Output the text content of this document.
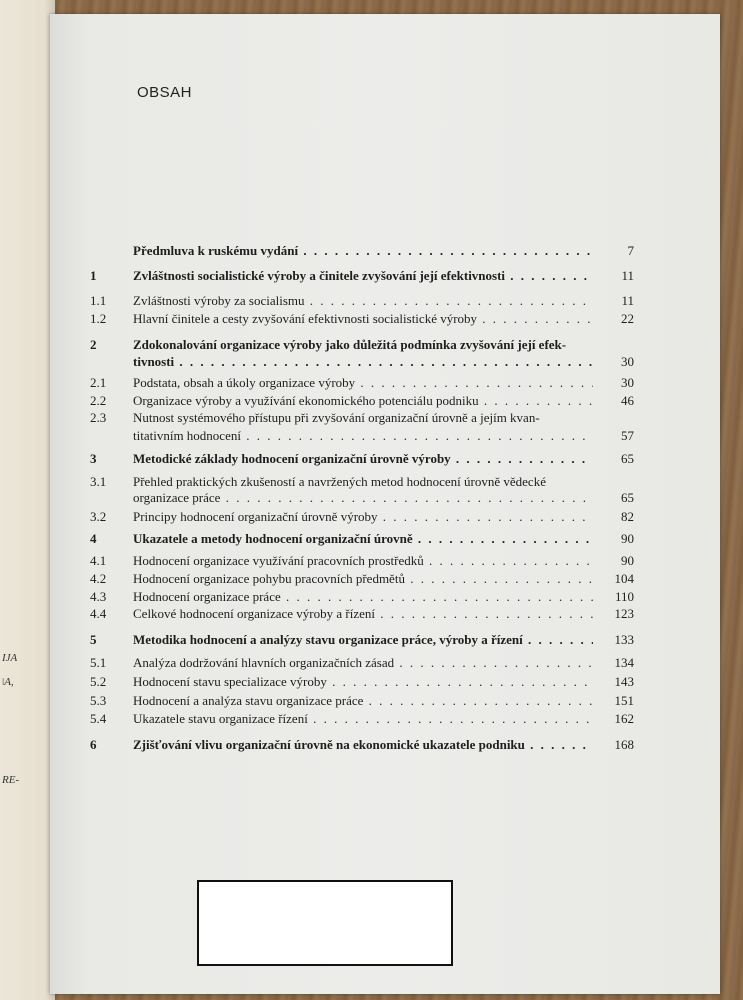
IJA
ǀA,
RE-
OBSAH
Předmluva k ruskému vydání . . .	7
1	Zvláštnosti socialistické výroby a činitele zvyšování její efektivnosti . . .	11
1.1	Zvláštnosti výroby za socialismu . . .	11
1.2	Hlavní činitele a cesty zvyšování efektivnosti socialistické výroby . . .	22
2	Zdokonalování organizace výroby jako důležitá podmínka zvyšování její efek-
tivnosti . . .	30
2.1	Podstata, obsah a úkoly organizace výroby . . .	30
2.2	Organizace výroby a využívání ekonomického potenciálu podniku . . .	46
2.3	Nutnost systémového přístupu při zvyšování organizační úrovně a jejím kvan-
titativním hodnocení . . .	57
3	Metodické základy hodnocení organizační úrovně výroby . . .	65
3.1	Přehled praktických zkušeností a navržených metod hodnocení úrovně vědecké
organizace práce . . .	65
3.2	Principy hodnocení organizační úrovně výroby . . .	82
4	Ukazatele a metody hodnocení organizační úrovně . . .	90
4.1	Hodnocení organizace využívání pracovních prostředků . . .	90
4.2	Hodnocení organizace pohybu pracovních předmětů . . .	104
4.3	Hodnocení organizace práce . . .	110
4.4	Celkové hodnocení organizace výroby a řízení . . .	123
5	Metodika hodnocení a analýzy stavu organizace práce, výroby a řízení . . .	133
5.1	Analýza dodržování hlavních organizačních zásad . . .	134
5.2	Hodnocení stavu specializace výroby . . .	143
5.3	Hodnocení a analýza stavu organizace práce . . .	151
5.4	Ukazatele stavu organizace řízení . . .	162
6	Zjišťování vlivu organizační úrovně na ekonomické ukazatele podniku . . .	168
